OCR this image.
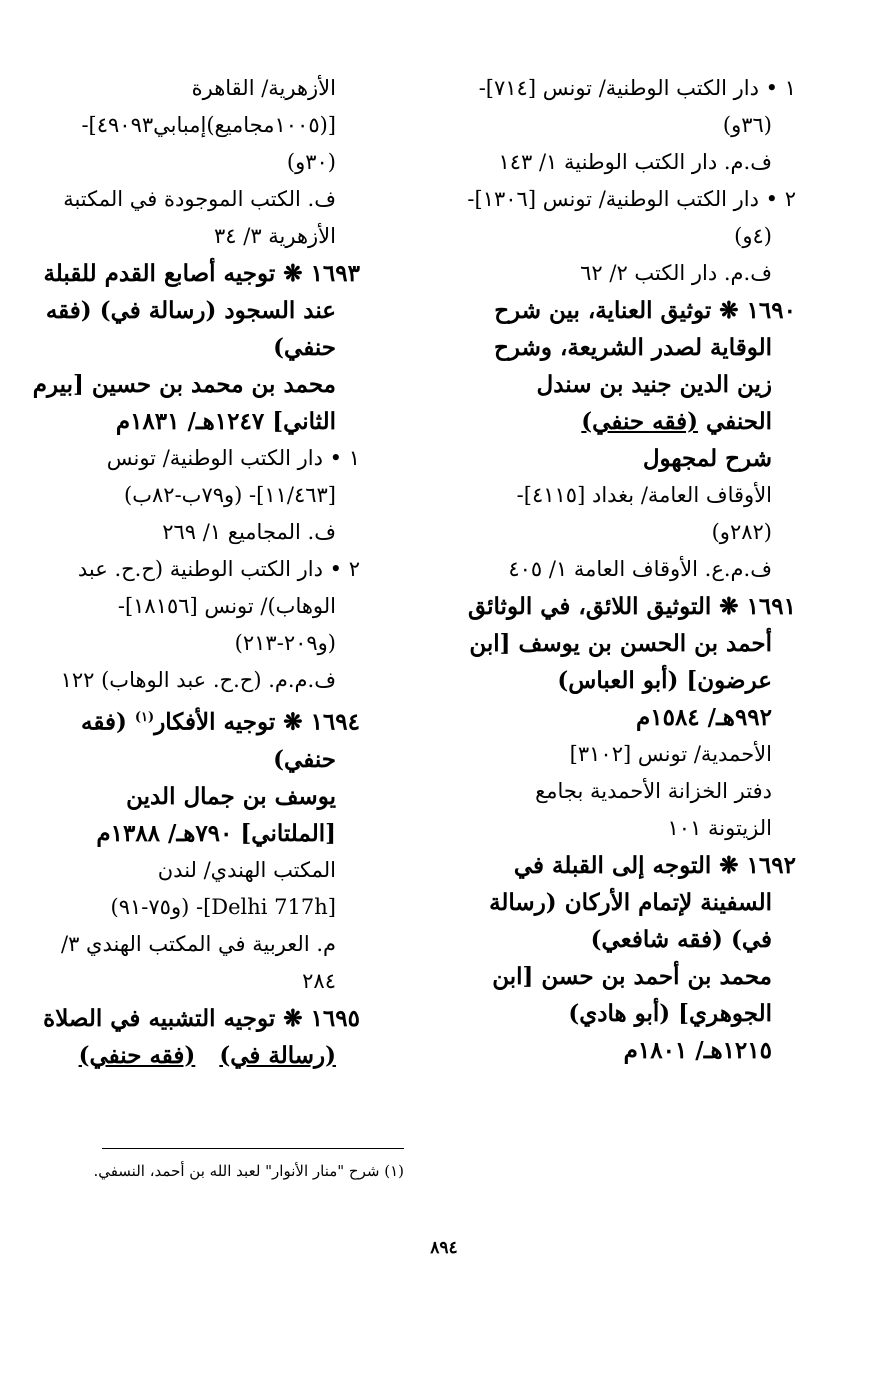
١ • دار الكتب الوطنية/ تونس [٧١٤]-
(٣٦و)
ف.م. دار الكتب الوطنية ١/ ١٤٣
٢ • دار الكتب الوطنية/ تونس [١٣٠٦]-
(٤و)
ف.م. دار الكتب ٢/ ٦٢
١٦٩٠ ❋ توثيق العناية، بين شرح
الوقاية لصدر الشريعة، وشرح
زين الدين جنيد بن سندل
الحنفي (فقه حنفي)
شرح لمجهول
الأوقاف العامة/ بغداد [٤١١٥]-
(٢٨٢و)
ف.م.ع. الأوقاف العامة ١/ ٤٠٥
١٦٩١ ❋ التوثيق اللائق، في الوثائق
أحمد بن الحسن بن يوسف [ابن
عرضون] (أبو العباس)
٩٩٢هـ/ ١٥٨٤م
الأحمدية/ تونس [٣١٠٢]
دفتر الخزانة الأحمدية بجامع
الزيتونة ١٠١
١٦٩٢ ❋ التوجه إلى القبلة في
السفينة لإتمام الأركان (رسالة
في) (فقه شافعي)
محمد بن أحمد بن حسن [ابن
الجوهري] (أبو هادي)
١٢١٥هـ/ ١٨٠١م
الأزهرية/ القاهرة
[(١٠٠٥مجاميع)إمبابي٤٩٠٩٣]-
(٣٠و)
ف. الكتب الموجودة في المكتبة
الأزهرية ٣/ ٣٤
١٦٩٣ ❋ توجيه أصابع القدم للقبلة
عند السجود (رسالة في) (فقه
حنفي)
محمد بن محمد بن حسين [بيرم
الثاني] ١٢٤٧هـ/ ١٨٣١م
١ • دار الكتب الوطنية/ تونس
[١١/٤٦٣]- (و٧٩ب-٨٢ب)
ف. المجاميع ١/ ٢٦٩
٢ • دار الكتب الوطنية (ح.ح. عبد
الوهاب)/ تونس [١٨١٥٦]-
(و٢٠٩-٢١٣)
ف.م.م. (ح.ح. عبد الوهاب) ١٢٢
١٦٩٤ ❋ توجيه الأفكار$^{(١)}$ (فقه
حنفي)
يوسف بن جمال الدين
[الملتاني] ٧٩٠هـ/ ١٣٨٨م
المكتب الهندي/ لندن
[Delhi 717h]- (و٧٥-٩١)
م. العربية في المكتب الهندي ٣/
٢٨٤
١٦٩٥ ❋ توجيه التشبيه في الصلاة
(رسالة في)   (فقه حنفي)
(١) شرح "منار الأنوار" لعبد الله بن أحمد، النسفي.
٨٩٤
